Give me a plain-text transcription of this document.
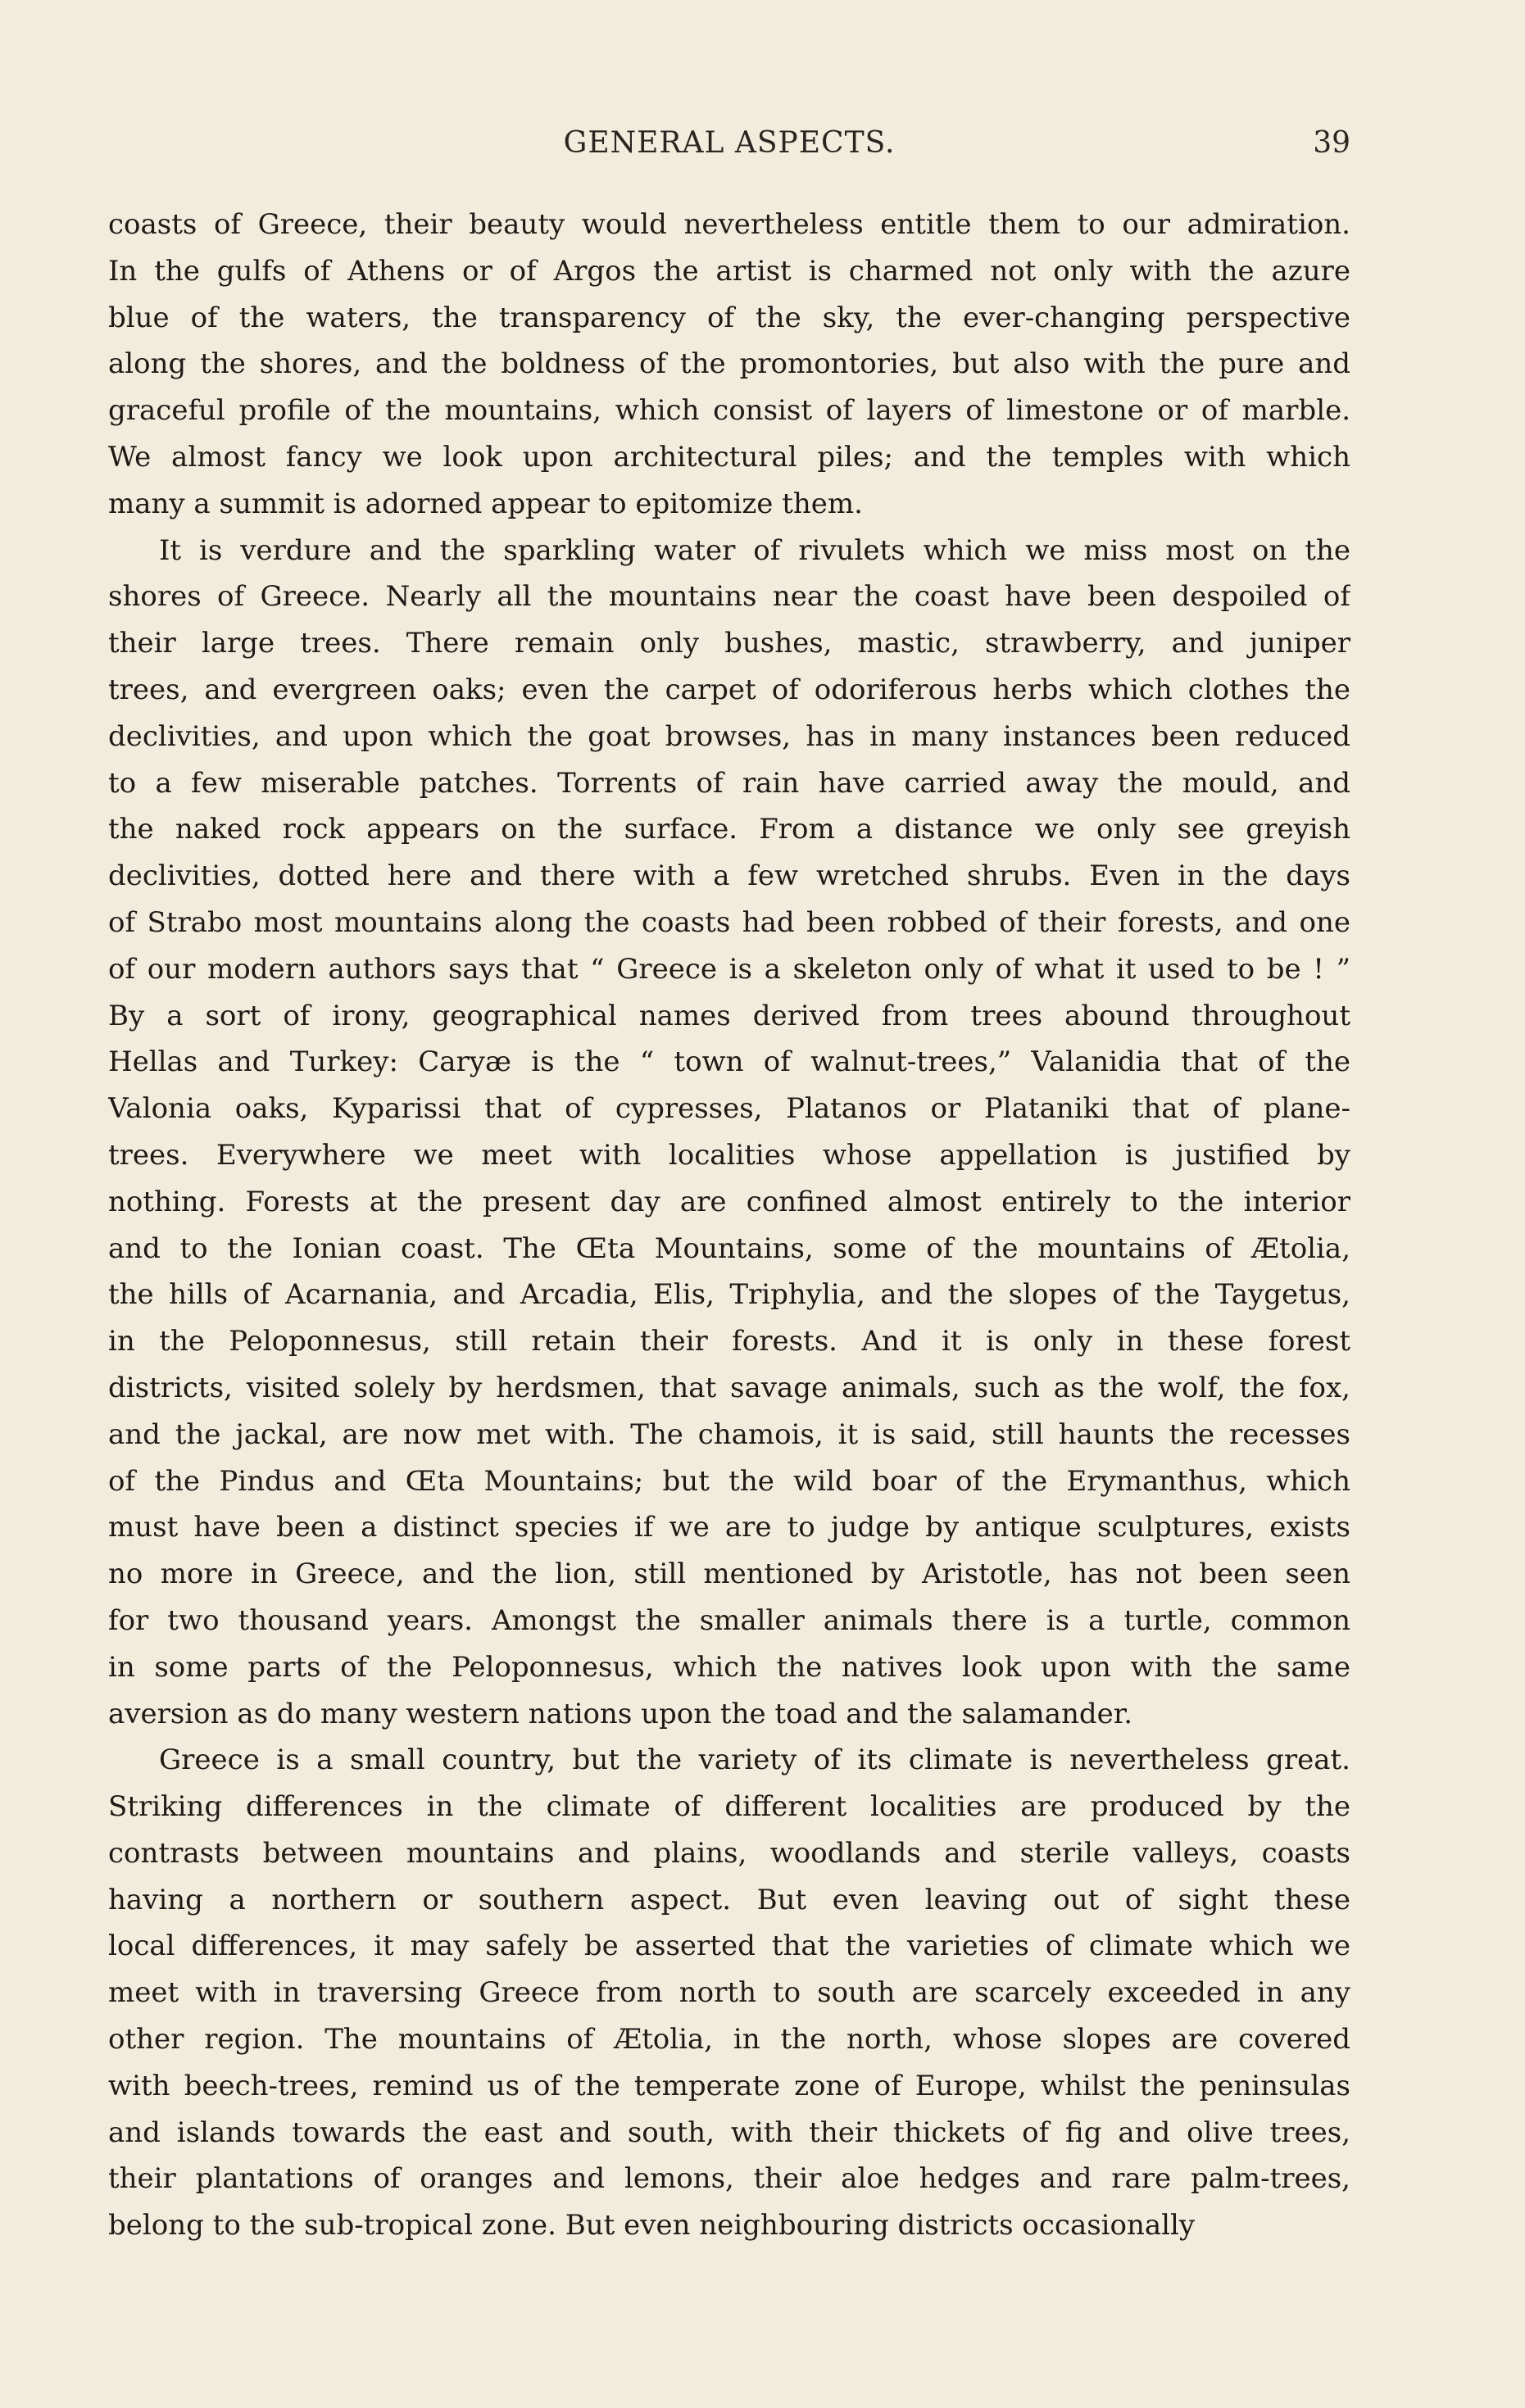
GENERAL ASPECTS.	39

coasts of Greece, their beauty would nevertheless entitle them to our admiration.
In the gulfs of Athens or of Argos the artist is charmed not only with the azure
blue of the waters, the transparency of the sky, the ever-changing perspective
along the shores, and the boldness of the promontories, but also with the pure and
graceful profile of the mountains, which consist of layers of limestone or of marble.
We almost fancy we look upon architectural piles; and the temples with which
many a summit is adorned appear to epitomize them.

It is verdure and the sparkling water of rivulets which we miss most on the
shores of Greece. Nearly all the mountains near the coast have been despoiled of
their large trees. There remain only bushes, mastic, strawberry, and juniper
trees, and evergreen oaks; even the carpet of odoriferous herbs which clothes the
declivities, and upon which the goat browses, has in many instances been reduced
to a few miserable patches. Torrents of rain have carried away the mould, and
the naked rock appears on the surface. From a distance we only see greyish
declivities, dotted here and there with a few wretched shrubs. Even in the days
of Strabo most mountains along the coasts had been robbed of their forests, and one
of our modern authors says that “ Greece is a skeleton only of what it used to be ! ”
By a sort of irony, geographical names derived from trees abound throughout
Hellas and Turkey: Caryæ is the “ town of walnut-trees,” Valanidia that of the
Valonia oaks, Kyparissi that of cypresses, Platanos or Plataniki that of plane-
trees. Everywhere we meet with localities whose appellation is justified by
nothing. Forests at the present day are confined almost entirely to the interior
and to the Ionian coast. The Œta Mountains, some of the mountains of Ætolia,
the hills of Acarnania, and Arcadia, Elis, Triphylia, and the slopes of the Taygetus,
in the Peloponnesus, still retain their forests. And it is only in these forest
districts, visited solely by herdsmen, that savage animals, such as the wolf, the fox,
and the jackal, are now met with. The chamois, it is said, still haunts the recesses
of the Pindus and Œta Mountains; but the wild boar of the Erymanthus, which
must have been a distinct species if we are to judge by antique sculptures, exists
no more in Greece, and the lion, still mentioned by Aristotle, has not been seen
for two thousand years. Amongst the smaller animals there is a turtle, common
in some parts of the Peloponnesus, which the natives look upon with the same
aversion as do many western nations upon the toad and the salamander.

Greece is a small country, but the variety of its climate is nevertheless great.
Striking differences in the climate of different localities are produced by the
contrasts between mountains and plains, woodlands and sterile valleys, coasts
having a northern or southern aspect. But even leaving out of sight these
local differences, it may safely be asserted that the varieties of climate which we
meet with in traversing Greece from north to south are scarcely exceeded in any
other region. The mountains of Ætolia, in the north, whose slopes are covered
with beech-trees, remind us of the temperate zone of Europe, whilst the peninsulas
and islands towards the east and south, with their thickets of fig and olive trees,
their plantations of oranges and lemons, their aloe hedges and rare palm-trees,
belong to the sub-tropical zone. But even neighbouring districts occasionally
